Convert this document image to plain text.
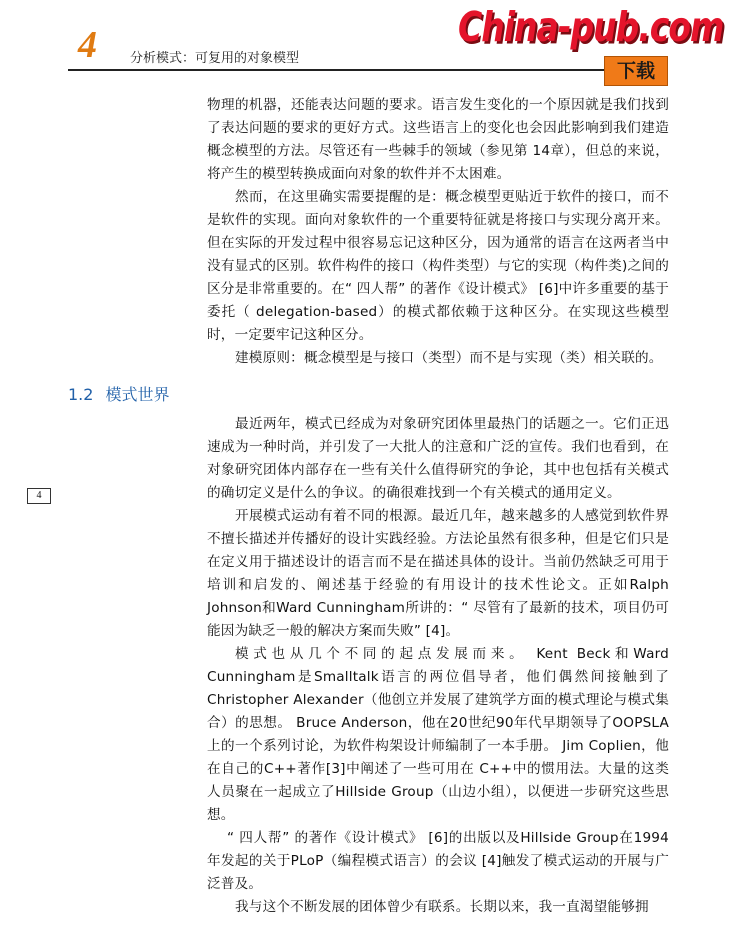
4	分析模式：可复用的对象模型
China-pub.com
下载

物理的机器，还能表达问题的要求。语言发生变化的一个原因就是我们找到了表达问题的要求的更好方式。这些语言上的变化也会因此影响到我们建造概念模型的方法。尽管还有一些棘手的领域（参见第 14章），但总的来说，将产生的模型转换成面向对象的软件并不太困难。

然而，在这里确实需要提醒的是：概念模型更贴近于软件的接口，而不是软件的实现。面向对象软件的一个重要特征就是将接口与实现分离开来。 但在实际的开发过程中很容易忘记这种区分，因为通常的语言在这两者当中没有显式的区别。软件构件的接口（构件类型）与它的实现（构件类)之间的区分是非常重要的。在“ 四人帮” 的著作《设计模式》 [6]中许多重要的基于委托（ delegation-based）的模式都依赖于这种区分。在实现这些模型时，一定要牢记这种区分。

建模原则：概念模型是与接口（类型）而不是与实现（类）相关联的。

1.2 模式世界

最近两年，模式已经成为对象研究团体里最热门的话题之一。它们正迅速成为一种时尚，并引发了一大批人的注意和广泛的宣传。我们也看到，在对象研究团体内部存在一些有关什么值得研究的争论，其中也包括有关模式的确切定义是什么的争议。的确很难找到一个有关模式的通用定义。

开展模式运动有着不同的根源。最近几年，越来越多的人感觉到软件界不擅长描述并传播好的设计实践经验。方法论虽然有很多种，但是它们只是在定义用于描述设计的语言而不是在描述具体的设计。当前仍然缺乏可用于培训和启发的、阐述基于经验的有用设计的技术性论文。正如Ralph Johnson和Ward Cunningham所讲的：“ 尽管有了最新的技术，项目仍可能因为缺乏一般的解决方案而失败” [4]。

模式也从几个不同的起点发展而来。 Kent Beck和Ward Cunningham是Smalltalk语言的两位倡导者，他们偶然间接触到了 Christopher Alexander（他创立并发展了建筑学方面的模式理论与模式集合）的思想。 Bruce Anderson，他在20世纪90年代早期领导了OOPSLA上的一个系列讨论，为软件构架设计师编制了一本手册。 Jim Coplien，他在自己的C++著作[3]中阐述了一些可用在 C++中的惯用法。大量的这类人员聚在一起成立了Hillside Group（山边小组），以便进一步研究这些思想。

“ 四人帮” 的著作《设计模式》 [6]的出版以及Hillside Group在1994年发起的关于PLoP（编程模式语言）的会议 [4]触发了模式运动的开展与广泛普及。

我与这个不断发展的团体曾少有联系。长期以来，我一直渴望能够拥

4
